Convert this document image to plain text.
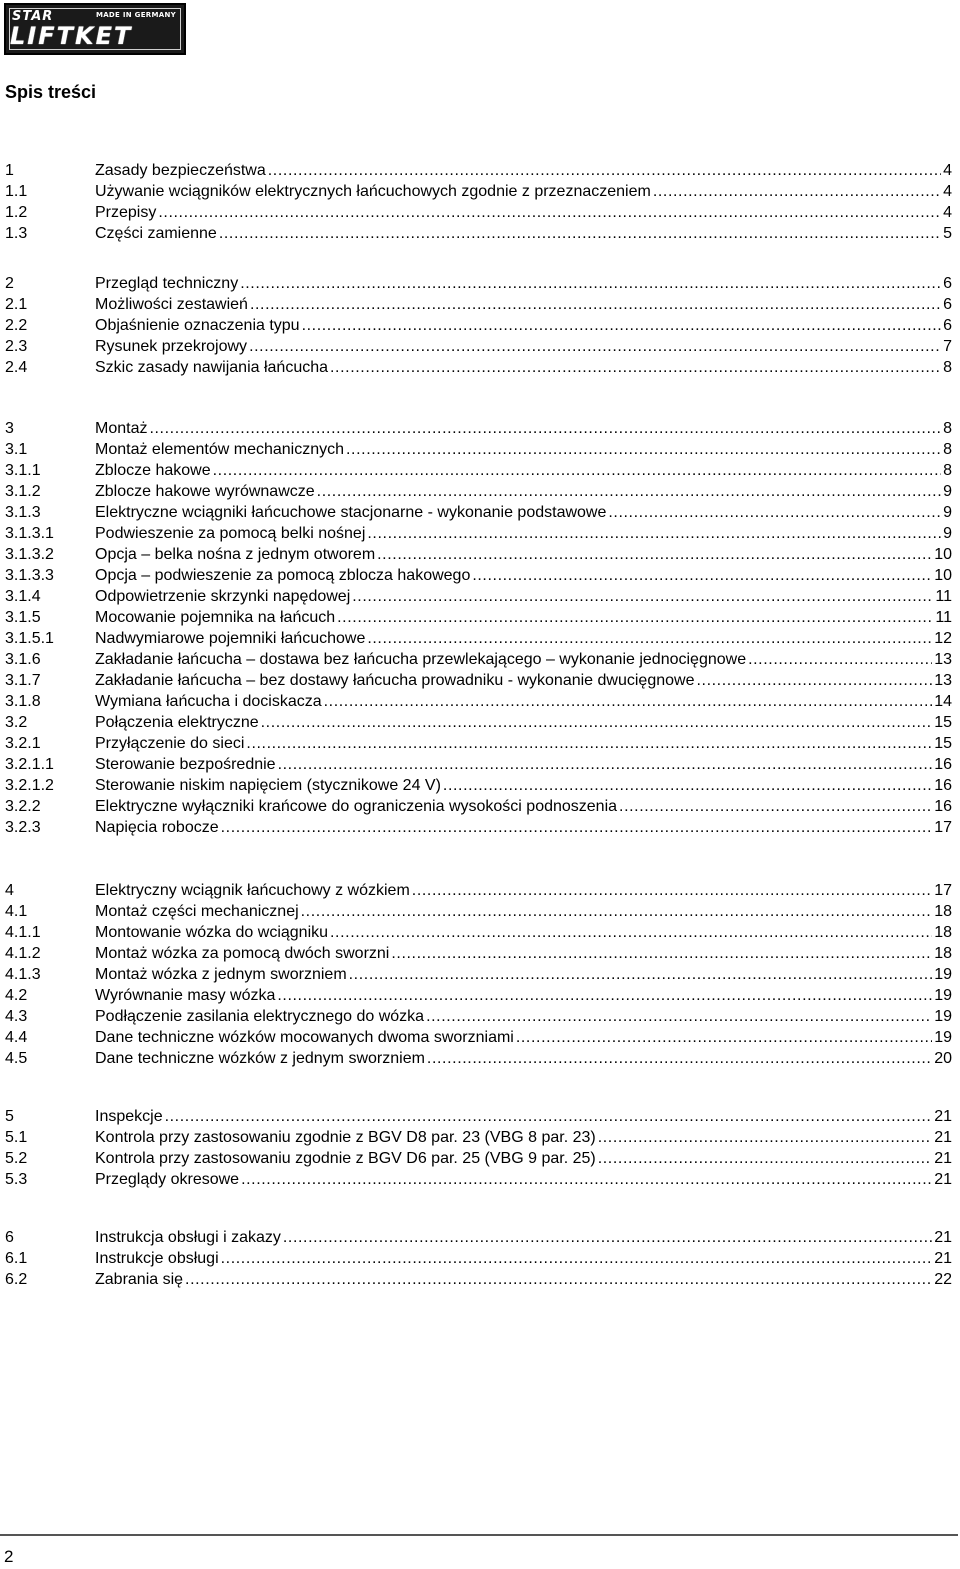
STAR	MADE IN GERMANY
LIFTKET
Spis treści
1	Zasady bezpieczeństwa .....	4
1.1	Używanie wciągników elektrycznych łańcuchowych zgodnie z przeznaczeniem .....	4
1.2	Przepisy .....	4
1.3	Części zamienne .....	5
2	Przegląd techniczny .....	6
2.1	Możliwości zestawień .....	6
2.2	Objaśnienie oznaczenia typu .....	6
2.3	Rysunek przekrojowy .....	7
2.4	Szkic zasady nawijania łańcucha .....	8
3	Montaż .....	8
3.1	Montaż elementów mechanicznych .....	8
3.1.1	Zblocze hakowe .....	8
3.1.2	Zblocze hakowe wyrównawcze .....	9
3.1.3	Elektryczne wciągniki łańcuchowe stacjonarne - wykonanie podstawowe .....	9
3.1.3.1	Podwieszenie za pomocą belki nośnej .....	9
3.1.3.2	Opcja – belka nośna z jednym otworem .....	10
3.1.3.3	Opcja – podwieszenie za pomocą zblocza hakowego .....	10
3.1.4	Odpowietrzenie skrzynki napędowej .....	11
3.1.5	Mocowanie pojemnika na łańcuch .....	11
3.1.5.1	Nadwymiarowe pojemniki łańcuchowe .....	12
3.1.6	Zakładanie łańcucha – dostawa bez łańcucha przewlekającego – wykonanie jednocięgnowe .....	13
3.1.7	Zakładanie łańcucha – bez dostawy łańcucha prowadniku - wykonanie dwucięgnowe .....	13
3.1.8	Wymiana łańcucha i dociskacza .....	14
3.2	Połączenia elektryczne .....	15
3.2.1	Przyłączenie do sieci .....	15
3.2.1.1	Sterowanie bezpośrednie .....	16
3.2.1.2	Sterowanie niskim napięciem (stycznikowe 24 V) .....	16
3.2.2	Elektryczne wyłączniki krańcowe do ograniczenia wysokości podnoszenia .....	16
3.2.3	Napięcia robocze .....	17
4	Elektryczny wciągnik łańcuchowy z wózkiem .....	17
4.1	Montaż części mechanicznej .....	18
4.1.1	Montowanie wózka do wciągniku .....	18
4.1.2	Montaż wózka za pomocą dwóch sworzni .....	18
4.1.3	Montaż wózka z jednym sworzniem .....	19
4.2	Wyrównanie masy wózka .....	19
4.3	Podłączenie zasilania elektrycznego do wózka .....	19
4.4	Dane techniczne wózków mocowanych dwoma sworzniami .....	19
4.5	Dane techniczne wózków z jednym sworzniem .....	20
5	Inspekcje .....	21
5.1	Kontrola przy zastosowaniu zgodnie z BGV D8 par. 23 (VBG 8 par. 23) .....	21
5.2	Kontrola przy zastosowaniu zgodnie z BGV D6 par. 25 (VBG 9 par. 25) .....	21
5.3	Przeglądy okresowe .....	21
6	Instrukcja obsługi i zakazy .....	21
6.1	Instrukcje obsługi .....	21
6.2	Zabrania się .....	22
2
